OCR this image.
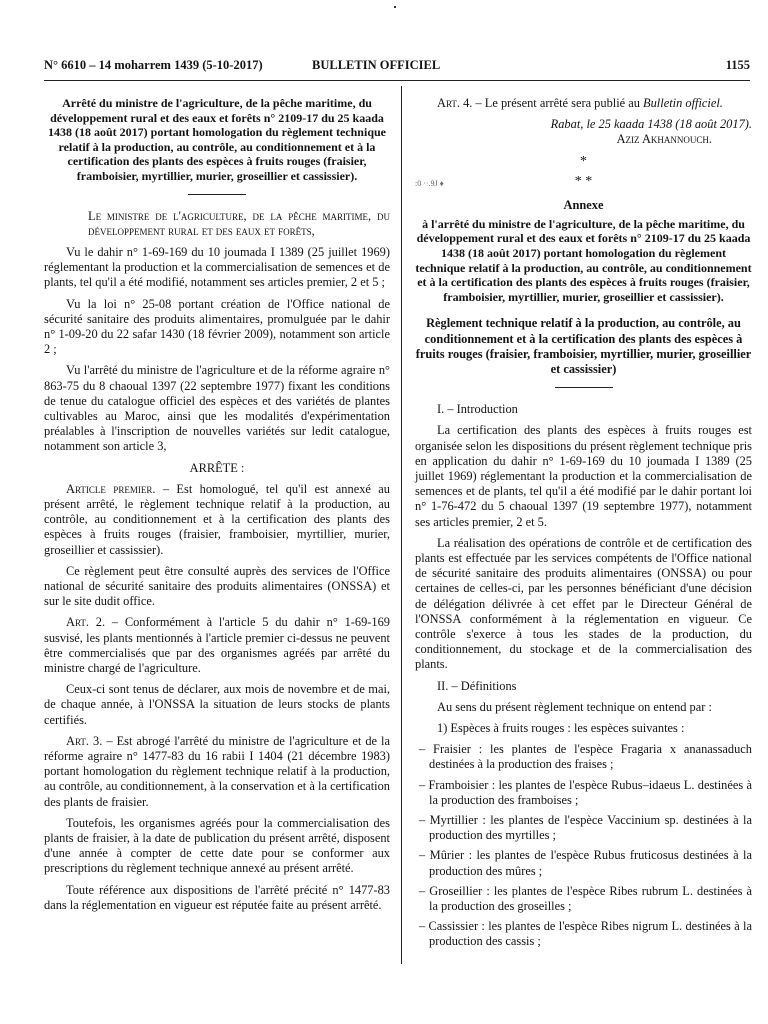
N° 6610 – 14 moharrem 1439 (5-10-2017)	BULLETIN OFFICIEL	1155

Arrêté du ministre de l'agriculture, de la pêche maritime, du développement rural et des eaux et forêts n° 2109-17 du 25 kaada 1438 (18 août 2017) portant homologation du règlement technique relatif à la production, au contrôle, au conditionnement et à la certification des plants des espèces à fruits rouges (fraisier, framboisier, myrtillier, murier, groseillier et cassissier).

Le ministre de l'agriculture, de la pêche maritime, du développement rural et des eaux et forêts,

Vu le dahir n° 1-69-169 du 10 joumada I 1389 (25 juillet 1969) réglementant la production et la commercialisation de semences et de plants, tel qu'il a été modifié, notamment ses articles premier, 2 et 5 ;

Vu la loi n° 25-08 portant création de l'Office national de sécurité sanitaire des produits alimentaires, promulguée par le dahir n° 1-09-20 du 22 safar 1430 (18 février 2009), notamment son article 2 ;

Vu l'arrêté du ministre de l'agriculture et de la réforme agraire n° 863-75 du 8 chaoual 1397 (22 septembre 1977) fixant les conditions de tenue du catalogue officiel des espèces et des variétés de plantes cultivables au Maroc, ainsi que les modalités d'expérimentation préalables à l'inscription de nouvelles variétés sur ledit catalogue, notamment son article 3,

ARRÊTE :

Article premier. – Est homologué, tel qu'il est annexé au présent arrêté, le règlement technique relatif à la production, au contrôle, au conditionnement et à la certification des plants des espèces à fruits rouges (fraisier, framboisier, myrtillier, murier, groseillier et cassissier).

Ce règlement peut être consulté auprès des services de l'Office national de sécurité sanitaire des produits alimentaires (ONSSA) et sur le site dudit office.

Art. 2. – Conformément à l'article 5 du dahir n° 1-69-169 susvisé, les plants mentionnés à l'article premier ci-dessus ne peuvent être commercialisés que par des organismes agréés par arrêté du ministre chargé de l'agriculture.

Ceux-ci sont tenus de déclarer, aux mois de novembre et de mai, de chaque année, à l'ONSSA la situation de leurs stocks de plants certifiés.

Art. 3. – Est abrogé l'arrêté du ministre de l'agriculture et de la réforme agraire n° 1477-83 du 16 rabii I 1404 (21 décembre 1983) portant homologation du règlement technique relatif à la production, au contrôle, au conditionnement, à la conservation et à la certification des plants de fraisier.

Toutefois, les organismes agréés pour la commercialisation des plants de fraisier, à la date de publication du présent arrêté, disposent d'une année à compter de cette date pour se conformer aux prescriptions du règlement technique annexé au présent arrêté.

Toute référence aux dispositions de l'arrêté précité n° 1477-83 dans la réglementation en vigueur est réputée faite au présent arrêté.

Art. 4. – Le présent arrêté sera publié au Bulletin officiel.

Rabat, le 25 kaada 1438 (18 août 2017).

Aziz Akhannouch.

:0 ··.9J ♦

*

* *

Annexe

à l'arrêté du ministre de l'agriculture, de la pêche maritime, du développement rural et des eaux et forêts n° 2109-17 du 25 kaada 1438 (18 août 2017) portant homologation du règlement technique relatif à la production, au contrôle, au conditionnement et à la certification des plants des espèces à fruits rouges (fraisier, framboisier, myrtillier, murier, groseillier et cassissier).

Règlement technique relatif à la production, au contrôle, au conditionnement et à la certification des plants des espèces à fruits rouges (fraisier, framboisier, myrtillier, murier, groseillier et cassissier)

I. – Introduction

La certification des plants des espèces à fruits rouges est organisée selon les dispositions du présent règlement technique pris en application du dahir n° 1-69-169 du 10 joumada I 1389 (25 juillet 1969) réglementant la production et la commercialisation de semences et de plants, tel qu'il a été modifié par le dahir portant loi n° 1-76-472 du 5 chaoual 1397 (19 septembre 1977), notamment ses articles premier, 2 et 5.

La réalisation des opérations de contrôle et de certification des plants est effectuée par les services compétents de l'Office national de sécurité sanitaire des produits alimentaires (ONSSA) ou pour certaines de celles-ci, par les personnes bénéficiant d'une décision de délégation délivrée à cet effet par le Directeur Général de l'ONSSA conformément à la réglementation en vigueur. Ce contrôle s'exerce à tous les stades de la production, du conditionnement, du stockage et de la commercialisation des plants.

II. – Définitions

Au sens du présent règlement technique on entend par :

1) Espèces à fruits rouges : les espèces suivantes :

– Fraisier : les plantes de l'espèce Fragaria x ananassaduch destinées à la production des fraises ;

– Framboisier : les plantes de l'espèce Rubus–idaeus L. destinées à la production des framboises ;

– Myrtillier : les plantes de l'espèce Vaccinium sp. destinées à la production des myrtilles ;

– Mûrier : les plantes de l'espèce Rubus fruticosus destinées à la production des mûres ;

– Groseillier : les plantes de l'espèce Ribes rubrum L. destinées à la production des groseilles ;

– Cassissier : les plantes de l'espèce Ribes nigrum L. destinées à la production des cassis ;
